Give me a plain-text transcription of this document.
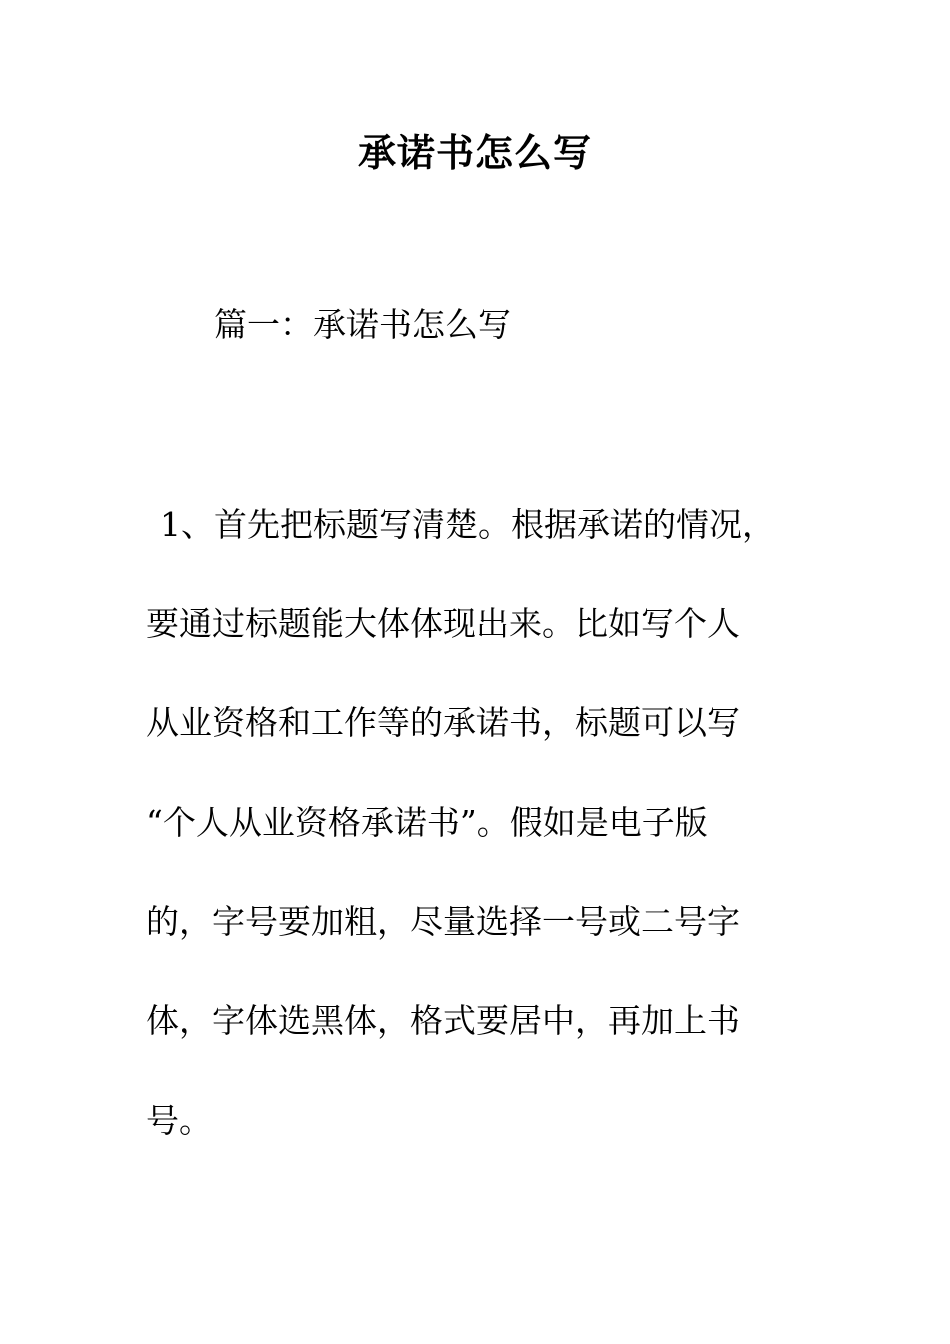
承诺书怎么写
篇一：承诺书怎么写
1、首先把标题写清楚。根据承诺的情况，
要通过标题能大体体现出来。比如写个人
从业资格和工作等的承诺书，标题可以写
“个人从业资格承诺书”。假如是电子版
的，字号要加粗，尽量选择一号或二号字
体，字体选黑体，格式要居中，再加上书
号。
